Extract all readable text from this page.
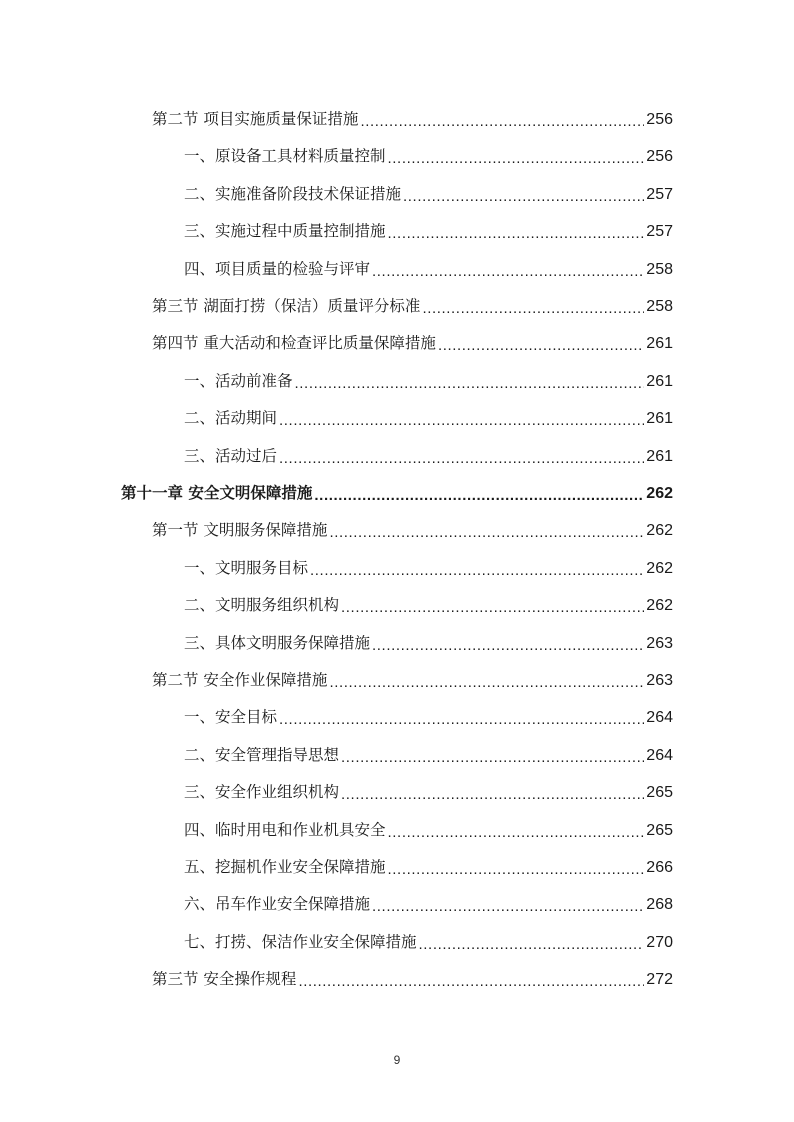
第二节 项目实施质量保证措施 .....	256
一、原设备工具材料质量控制 .....	256
二、实施准备阶段技术保证措施 .....	257
三、实施过程中质量控制措施 .....	257
四、项目质量的检验与评审 .....	258
第三节 湖面打捞（保洁）质量评分标准 .....	258
第四节 重大活动和检查评比质量保障措施 .....	261
一、活动前准备 .....	261
二、活动期间 .....	261
三、活动过后 .....	261
第十一章 安全文明保障措施 .....	262
第一节 文明服务保障措施 .....	262
一、文明服务目标 .....	262
二、文明服务组织机构 .....	262
三、具体文明服务保障措施 .....	263
第二节 安全作业保障措施 .....	263
一、安全目标 .....	264
二、安全管理指导思想 .....	264
三、安全作业组织机构 .....	265
四、临时用电和作业机具安全 .....	265
五、挖掘机作业安全保障措施 .....	266
六、吊车作业安全保障措施 .....	268
七、打捞、保洁作业安全保障措施 .....	270
第三节 安全操作规程 .....	272
9
